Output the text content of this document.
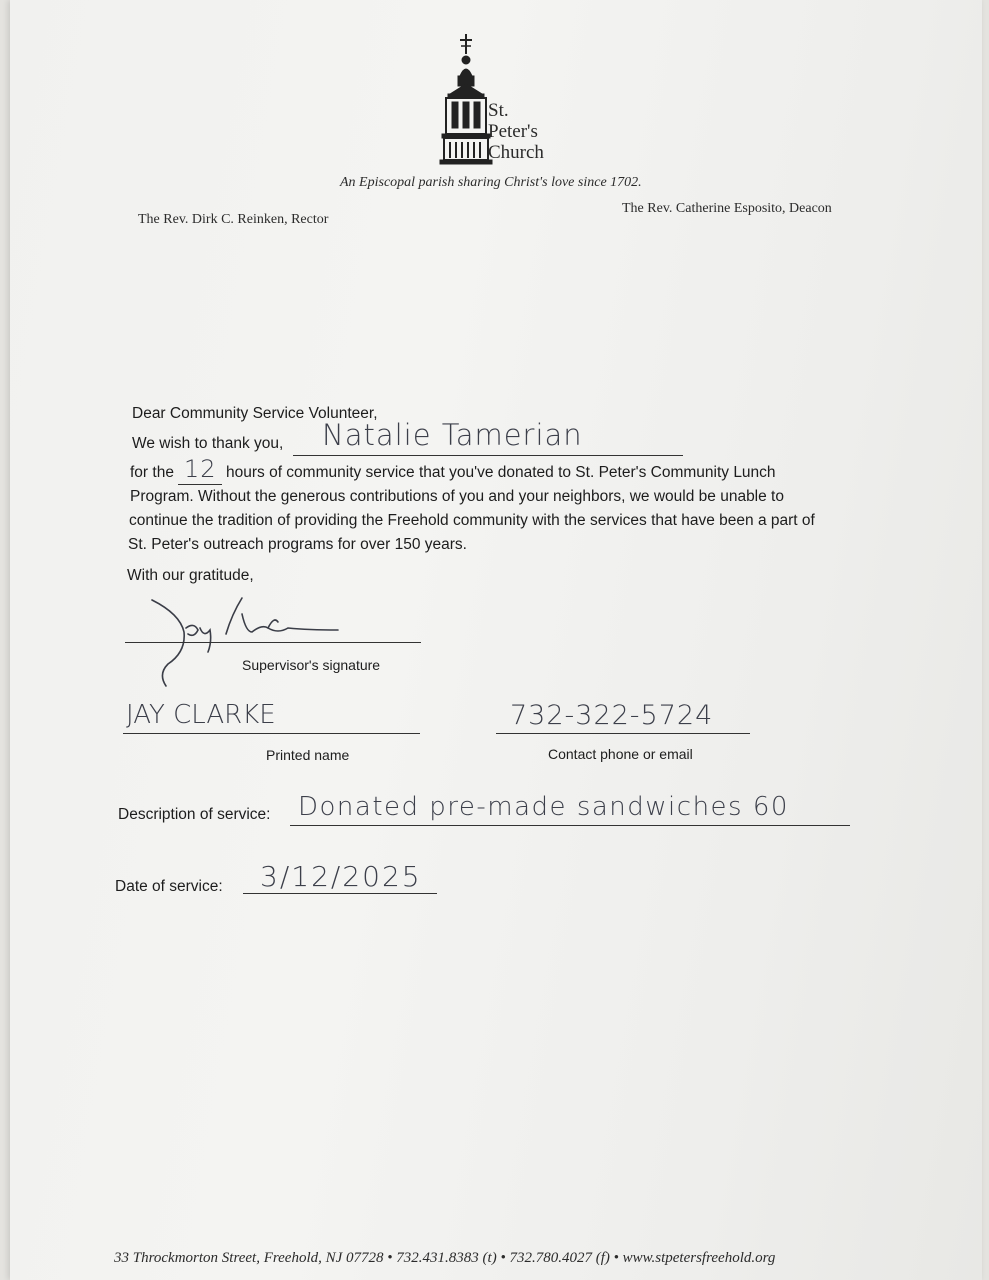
St.
Peter's
Church
An Episcopal parish sharing Christ's love since 1702.
The Rev. Dirk C. Reinken, Rector
The Rev. Catherine Esposito, Deacon
Dear Community Service Volunteer,
We wish to thank you, Natalie Tamerian
for the 12 hours of community service that you've donated to St. Peter's Community Lunch
Program. Without the generous contributions of you and your neighbors, we would be unable to
continue the tradition of providing the Freehold community with the services that have been a part of
St. Peter's outreach programs for over 150 years.
With our gratitude,
Supervisor's signature
JAY CLARKE
Printed name
732-322-5724
Contact phone or email
Description of service: Donated pre-made sandwiches 60
Date of service: 3/12/2025
33 Throckmorton Street, Freehold, NJ 07728 • 732.431.8383 (t) • 732.780.4027 (f) • www.stpetersfreehold.org
